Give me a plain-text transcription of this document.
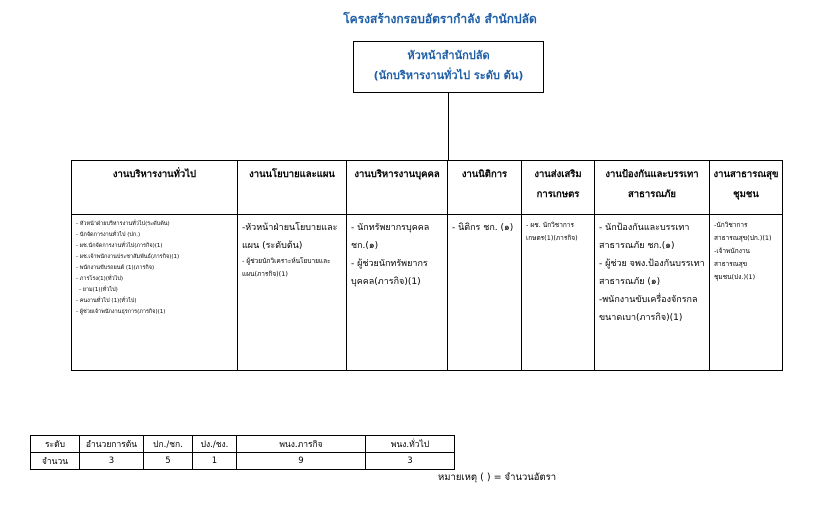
โครงสร้างกรอบอัตรากำลัง สำนักปลัด
หัวหน้าสำนักปลัด
(นักบริหารงานทั่วไป ระดับ ต้น)
งานบริหารงานทั่วไป
- หัวหน้าฝ่ายบริหารงานทั่วไป(ระดับต้น)
- นักจัดการงานทั่วไป (ปก.)
- ผช.นักจัดการงานทั่วไป(ภารกิจ)(1)
- ผช.เจ้าพนักงานประชาสัมพันธ์(ภารกิจ)(1)
- พนักงานขับรถยนต์ (1)(ภารกิจ)
- ภารโรง(1)(ทั่วไป)
- ยาม(1)(ทั่วไป)
- คนงานทั่วไป (1)(ทั่วไป)
- ผู้ช่วยเจ้าพนักงานธุรการ(ภารกิจ)(1)
งานนโยบายและแผน
-หัวหน้าฝ่ายนโยบายและแผน (ระดับต้น)
- ผู้ช่วยนักวิเคราะห์นโยบายและแผน(ภารกิจ)(1)
งานบริหารงานบุคคล
- นักทรัพยากรบุคคล ชก.(๑)
- ผู้ช่วยนักทรัพยากรบุคคล(ภารกิจ)(1)
งานนิติการ
- นิติกร ชก. (๑)
งานส่งเสริมการเกษตร
- ผช. นักวิชาการเกษตร(1)(ภารกิจ)
งานป้องกันและบรรเทาสาธารณภัย
- นักป้องกันและบรรเทาสาธารณภัย ชก.(๑)
- ผู้ช่วย จพง.ป้องกันบรรเทาสาธารณภัย (๑)
-พนักงานขับเครื่องจักรกลขนาดเบา(ภารกิจ)(1)
งานสาธารณสุขชุมชน
-นักวิชาการสาธารณสุข(ปก.)(1)
-เจ้าพนักงานสาธารณสุขชุมชน(ปง.)(1)
ระดับ	อำนวยการต้น	ปก./ชก.	ปง./ชง.	พนง.ภารกิจ	พนง.ทั่วไป
จำนวน	3	5	1	9	3
หมายเหตุ ( ) = จำนวนอัตรา
